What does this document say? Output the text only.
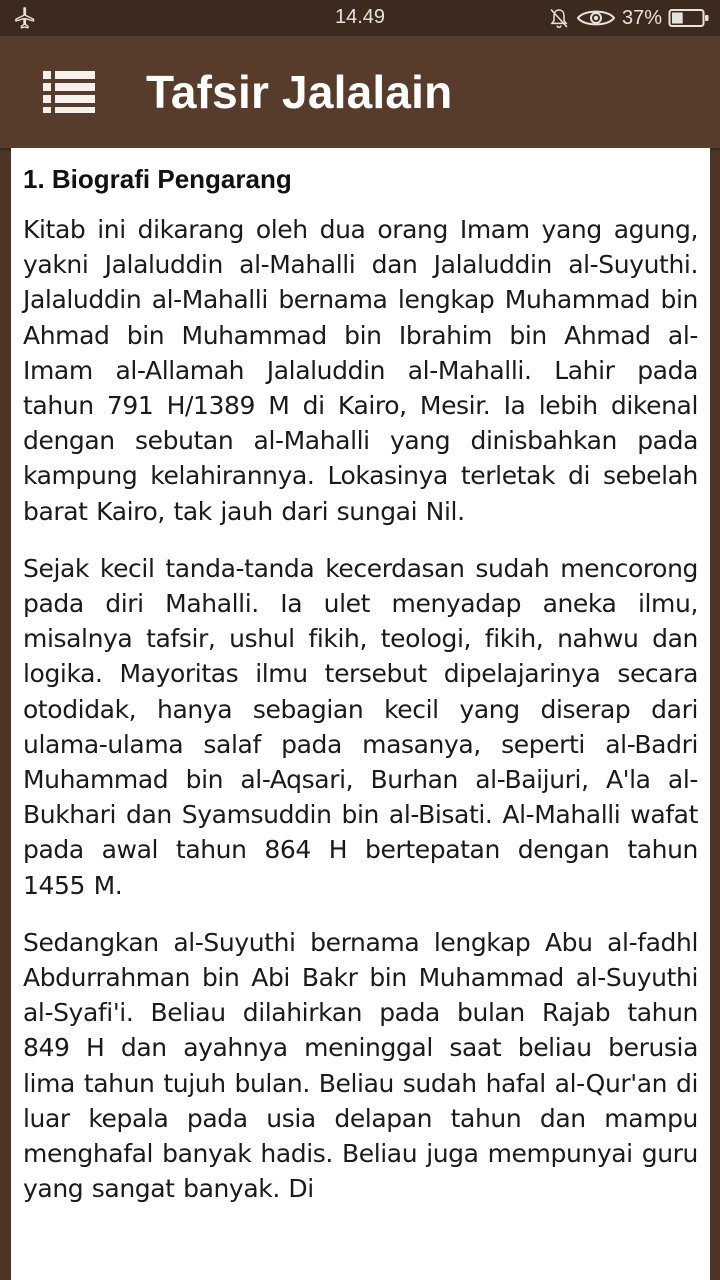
14.49	37%
Tafsir Jalalain
1. Biografi Pengarang

Kitab ini dikarang oleh dua orang Imam yang agung, yakni Jalaluddin al-Mahalli dan Jalaluddin al-Suyuthi. Jalaluddin al-Mahalli bernama lengkap Muhammad bin Ahmad bin Muhammad bin Ibrahim bin Ahmad al-Imam al-Allamah Jalaluddin al-Mahalli. Lahir pada tahun 791 H/1389 M di Kairo, Mesir. Ia lebih dikenal dengan sebutan al-Mahalli yang dinisbahkan pada kampung kelahirannya. Lokasinya terletak di sebelah barat Kairo, tak jauh dari sungai Nil.

Sejak kecil tanda-tanda kecerdasan sudah mencorong pada diri Mahalli. Ia ulet menyadap aneka ilmu, misalnya tafsir, ushul fikih, teologi, fikih, nahwu dan logika. Mayoritas ilmu tersebut dipelajarinya secara otodidak, hanya sebagian kecil yang diserap dari ulama-ulama salaf pada masanya, seperti al-Badri Muhammad bin al-Aqsari, Burhan al-Baijuri, A'la al-Bukhari dan Syamsuddin bin al-Bisati. Al-Mahalli wafat pada awal tahun 864 H bertepatan dengan tahun 1455 M.

Sedangkan al-Suyuthi bernama lengkap Abu al-fadhl Abdurrahman bin Abi Bakr bin Muhammad al-Suyuthi al-Syafi'i. Beliau dilahirkan pada bulan Rajab tahun 849 H dan ayahnya meninggal saat beliau berusia lima tahun tujuh bulan. Beliau sudah hafal al-Qur'an di luar kepala pada usia delapan tahun dan mampu menghafal banyak hadis. Beliau juga mempunyai guru yang sangat banyak. Di
